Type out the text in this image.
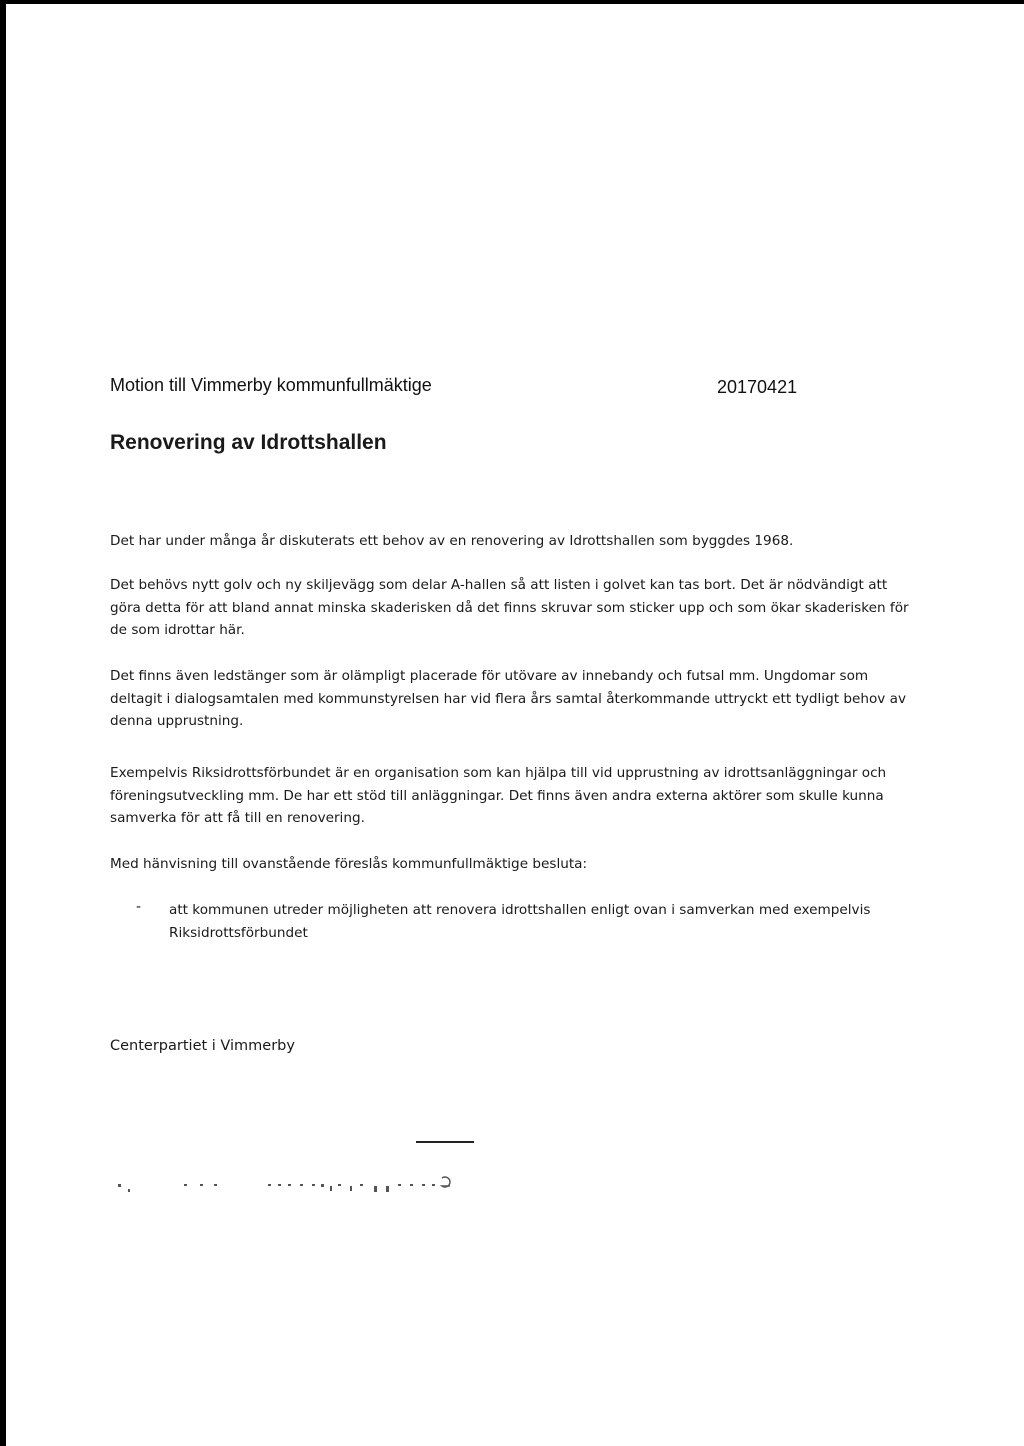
Motion till Vimmerby kommunfullmäktige	20170421
Renovering av Idrottshallen
Det har under många år diskuterats ett behov av en renovering av Idrottshallen som byggdes 1968.
Det behövs nytt golv och ny skiljevägg som delar A-hallen så att listen i golvet kan tas bort. Det är nödvändigt att göra detta för att bland annat minska skaderisken då det finns skruvar som sticker upp och som ökar skaderisken för de som idrottar här.
Det finns även ledstänger som är olämpligt placerade för utövare av innebandy och futsal mm. Ungdomar som deltagit i dialogsamtalen med kommunstyrelsen har vid flera års samtal återkommande uttryckt ett tydligt behov av denna upprustning.
Exempelvis Riksidrottsförbundet är en organisation som kan hjälpa till vid upprustning av idrottsanläggningar och föreningsutveckling mm. De har ett stöd till anläggningar. Det finns även andra externa aktörer som skulle kunna samverka för att få till en renovering.
Med hänvisning till ovanstående föreslås kommunfullmäktige besluta:
- att kommunen utreder möjligheten att renovera idrottshallen enligt ovan i samverkan med exempelvis Riksidrottsförbundet
Centerpartiet i Vimmerby
